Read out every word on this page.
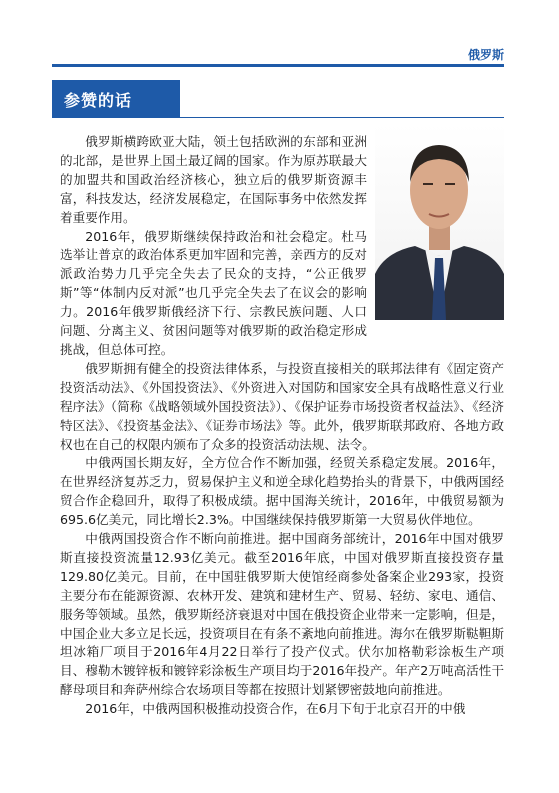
俄罗斯
参赞的话

俄罗斯横跨欧亚大陆，领土包括欧洲的东部和亚洲的北部，是世界上国土最辽阔的国家。作为原苏联最大的加盟共和国政治经济核心，独立后的俄罗斯资源丰富，科技发达，经济发展稳定，在国际事务中依然发挥着重要作用。

2016年，俄罗斯继续保持政治和社会稳定。杜马选举让普京的政治体系更加牢固和完善，亲西方的反对派政治势力几乎完全失去了民众的支持，“公正俄罗斯”等“体制内反对派”也几乎完全失去了在议会的影响力。2016年俄罗斯俄经济下行、宗教民族问题、人口问题、分离主义、贫困问题等对俄罗斯的政治稳定形成挑战，但总体可控。

俄罗斯拥有健全的投资法律体系，与投资直接相关的联邦法律有《固定资产投资活动法》、《外国投资法》、《外资进入对国防和国家安全具有战略性意义行业程序法》（简称《战略领域外国投资法》）、《保护证券市场投资者权益法》、《经济特区法》、《投资基金法》、《证券市场法》等。此外，俄罗斯联邦政府、各地方政权也在自己的权限内颁布了众多的投资活动法规、法令。

中俄两国长期友好，全方位合作不断加强，经贸关系稳定发展。2016年，在世界经济复苏乏力，贸易保护主义和逆全球化趋势抬头的背景下，中俄两国经贸合作企稳回升，取得了积极成绩。据中国海关统计，2016年，中俄贸易额为695.6亿美元，同比增长2.3%。中国继续保持俄罗斯第一大贸易伙伴地位。

中俄两国投资合作不断向前推进。据中国商务部统计，2016年中国对俄罗斯直接投资流量12.93亿美元。截至2016年底，中国对俄罗斯直接投资存量129.80亿美元。目前，在中国驻俄罗斯大使馆经商参处备案企业293家，投资主要分布在能源资源、农林开发、建筑和建材生产、贸易、轻纺、家电、通信、服务等领域。虽然，俄罗斯经济衰退对中国在俄投资企业带来一定影响，但是，中国企业大多立足长远，投资项目在有条不紊地向前推进。海尔在俄罗斯鞑靼斯坦冰箱厂项目于2016年4月22日举行了投产仪式。伏尔加格勒彩涂板生产项目、穆勒木镀锌板和镀锌彩涂板生产项目均于2016年投产。年产2万吨高活性干酵母项目和奔萨州综合农场项目等都在按照计划紧锣密鼓地向前推进。

2016年，中俄两国积极推动投资合作，在6月下旬于北京召开的中俄
